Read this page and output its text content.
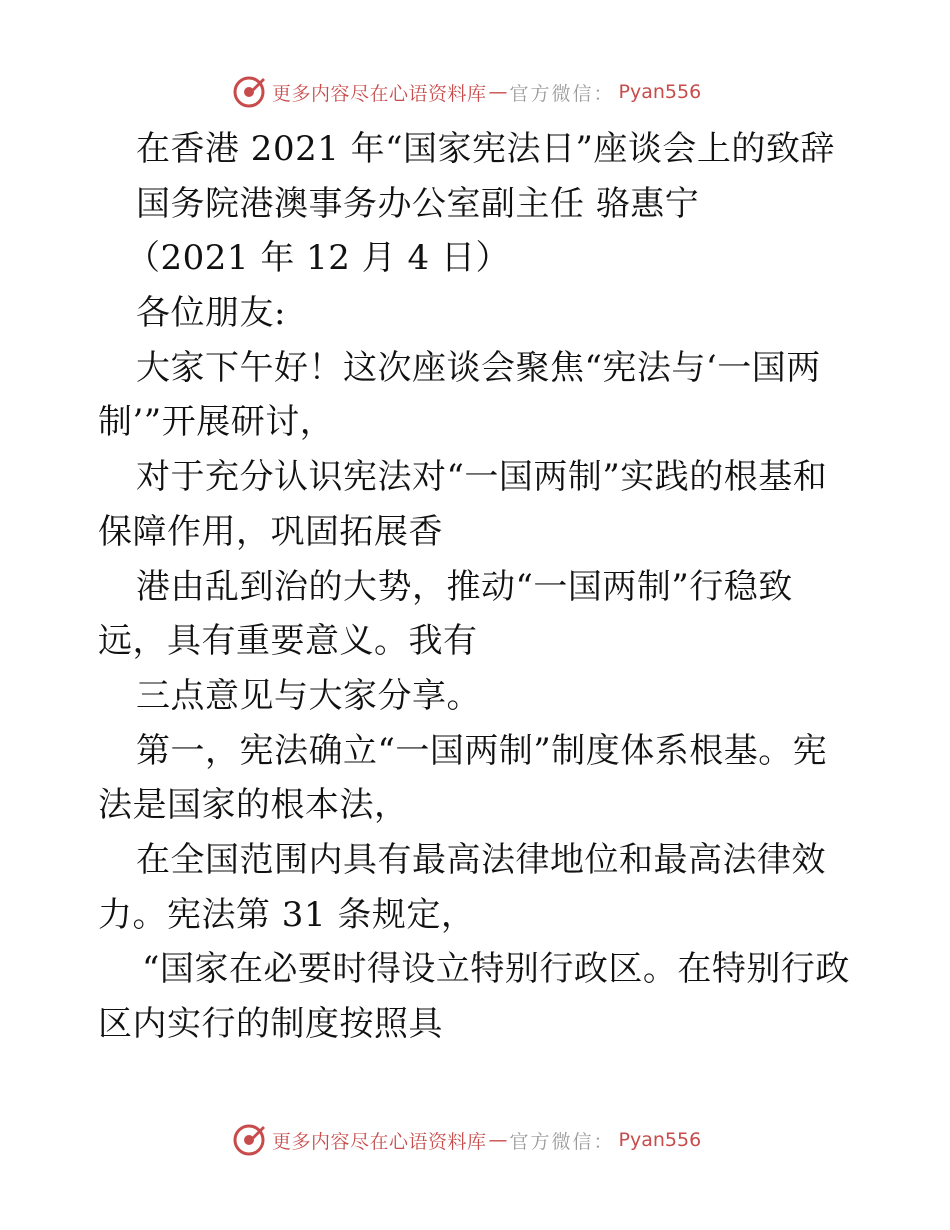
更多内容尽在心语资料库 — 官方微信： Pyan556
在香港 2021 年“国家宪法日”座谈会上的致辞
国务院港澳事务办公室副主任 骆惠宁
（2021 年 12 月 4 日）
各位朋友:
大家下午好！这次座谈会聚焦“宪法与‘一国两
制’”开展研讨，
对于充分认识宪法对“一国两制”实践的根基和
保障作用，巩固拓展香
港由乱到治的大势，推动“一国两制”行稳致
远，具有重要意义。我有
三点意见与大家分享。
第一，宪法确立“一国两制”制度体系根基。宪
法是国家的根本法，
在全国范围内具有最高法律地位和最高法律效
力。宪法第 31 条规定，
“国家在必要时得设立特别行政区。在特别行政
区内实行的制度按照具
更多内容尽在心语资料库 — 官方微信： Pyan556
